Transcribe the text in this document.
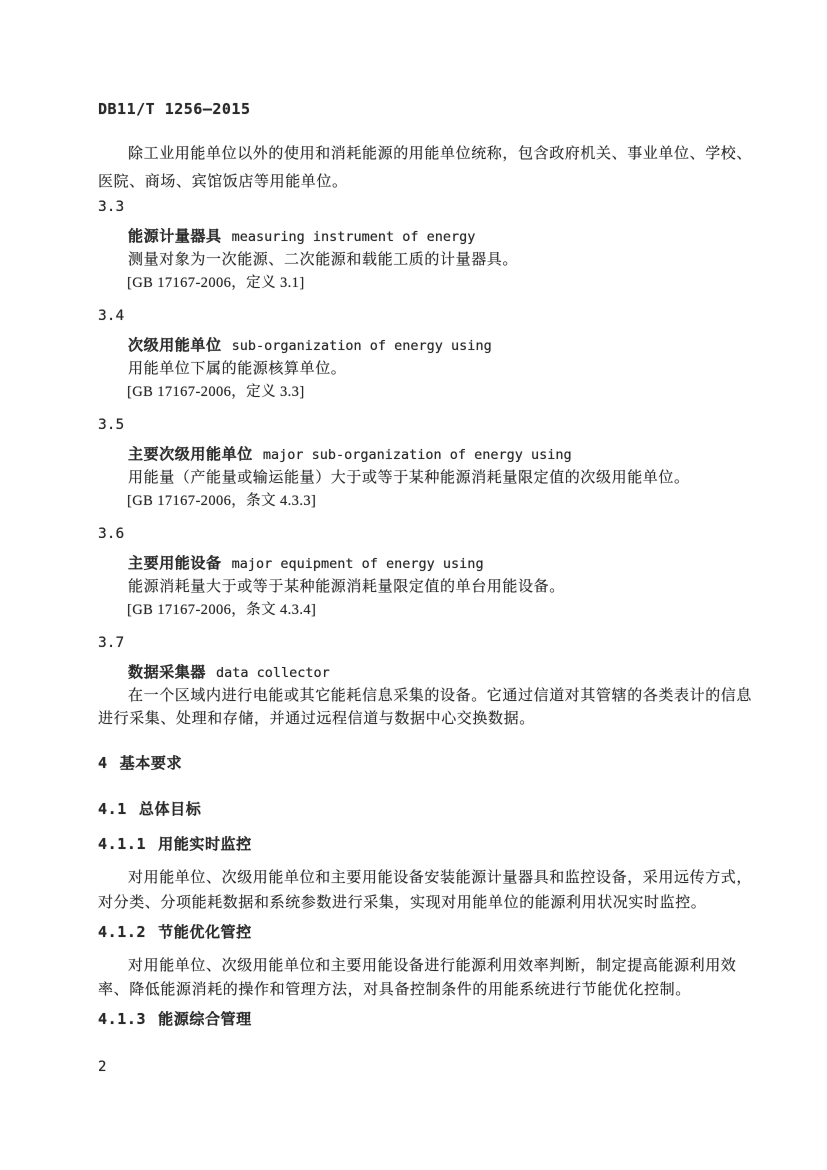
DB11/T 1256—2015

除工业用能单位以外的使用和消耗能源的用能单位统称，包含政府机关、事业单位、学校、医院、商场、宾馆饭店等用能单位。

3.3

能源计量器具 measuring instrument of energy

测量对象为一次能源、二次能源和载能工质的计量器具。

[GB 17167-2006，定义 3.1]

3.4

次级用能单位 sub-organization of energy using

用能单位下属的能源核算单位。

[GB 17167-2006，定义 3.3]

3.5

主要次级用能单位 major sub-organization of energy using

用能量（产能量或输运能量）大于或等于某种能源消耗量限定值的次级用能单位。

[GB 17167-2006，条文 4.3.3]

3.6

主要用能设备 major equipment of energy using

能源消耗量大于或等于某种能源消耗量限定值的单台用能设备。

[GB 17167-2006，条文 4.3.4]

3.7

数据采集器 data collector

在一个区域内进行电能或其它能耗信息采集的设备。它通过信道对其管辖的各类表计的信息进行采集、处理和存储，并通过远程信道与数据中心交换数据。

4 基本要求
4.1 总体目标
4.1.1 用能实时监控

对用能单位、次级用能单位和主要用能设备安装能源计量器具和监控设备，采用远传方式，对分类、分项能耗数据和系统参数进行采集，实现对用能单位的能源利用状况实时监控。

4.1.2 节能优化管控

对用能单位、次级用能单位和主要用能设备进行能源利用效率判断，制定提高能源利用效率、降低能源消耗的操作和管理方法，对具备控制条件的用能系统进行节能优化控制。

4.1.3 能源综合管理
2
